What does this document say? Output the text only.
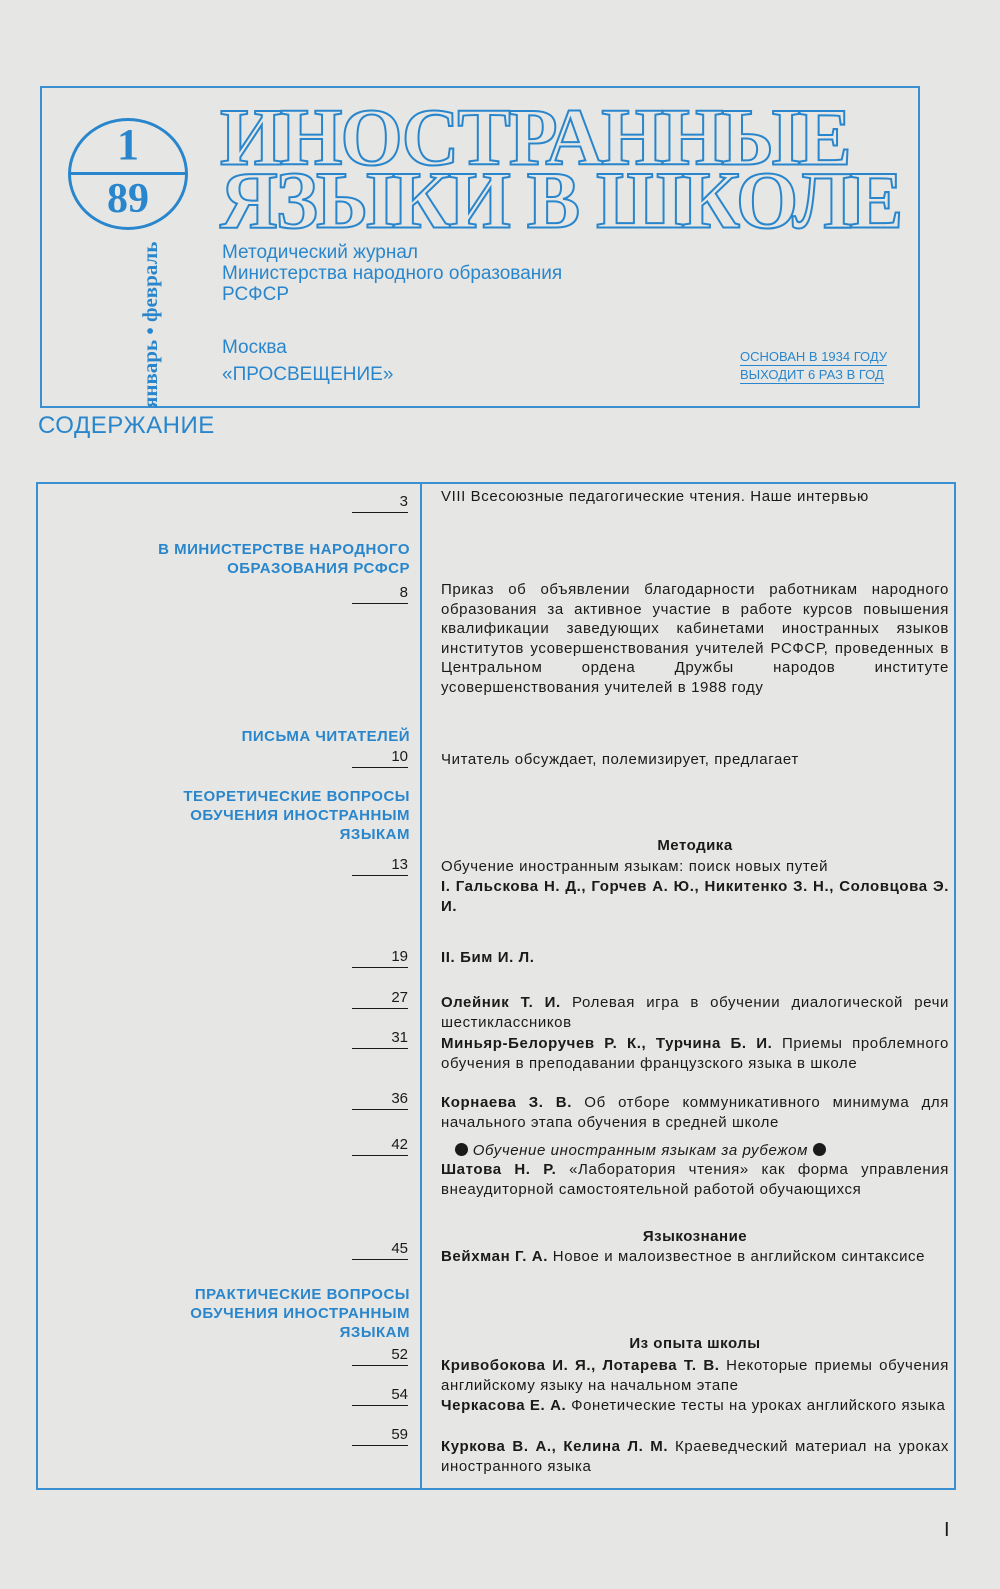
1
89
январь • февраль
ИНОСТРАННЫЕ
ЯЗЫКИ В ШКОЛЕ
Методический журнал
Министерства народного образования
РСФСР
Москва
«ПРОСВЕЩЕНИЕ»
ОСНОВАН В 1934 ГОДУ
ВЫХОДИТ 6 РАЗ В ГОД
СОДЕРЖАНИЕ
3 VIII Всесоюзные педагогические чтения. Наше интервью
В МИНИСТЕРСТВЕ НАРОДНОГО ОБРАЗОВАНИЯ РСФСР
8 Приказ об объявлении благодарности работникам народного образования за активное участие в работе курсов повышения квалификации заведующих кабинетами иностранных языков институтов усовершенствования учителей РСФСР, проведенных в Центральном ордена Дружбы народов институте усовершенствования учителей в 1988 году
ПИСЬМА ЧИТАТЕЛЕЙ
10 Читатель обсуждает, полемизирует, предлагает
ТЕОРЕТИЧЕСКИЕ ВОПРОСЫ ОБУЧЕНИЯ ИНОСТРАННЫМ ЯЗЫКАМ
Методика
13 Обучение иностранным языкам: поиск новых путей
I. Гальскова Н. Д., Горчев А. Ю., Никитенко З. Н., Соловцова Э. И.
19 II. Бим И. Л.
27 Олейник Т. И. Ролевая игра в обучении диалогической речи шестиклассников
31 Миньяр-Белоручев Р. К., Турчина Б. И. Приемы проблемного обучения в преподавании французского языка в школе
36 Корнаева З. В. Об отборе коммуникативного минимума для начального этапа обучения в средней школе
Обучение иностранным языкам за рубежом
42
Шатова Н. Р. «Лаборатория чтения» как форма управления внеаудиторной самостоятельной работой обучающихся
Языкознание
45 Вейхман Г. А. Новое и малоизвестное в английском синтаксисе
ПРАКТИЧЕСКИЕ ВОПРОСЫ ОБУЧЕНИЯ ИНОСТРАННЫМ ЯЗЫКАМ
Из опыта школы
52
Кривобокова И. Я., Лотарева Т. В. Некоторые приемы обучения английскому языку на начальном этапе
54
Черкасова Е. А. Фонетические тесты на уроках английского языка
59
Куркова В. А., Келина Л. М. Краеведческий материал на уроках иностранного языка
I
